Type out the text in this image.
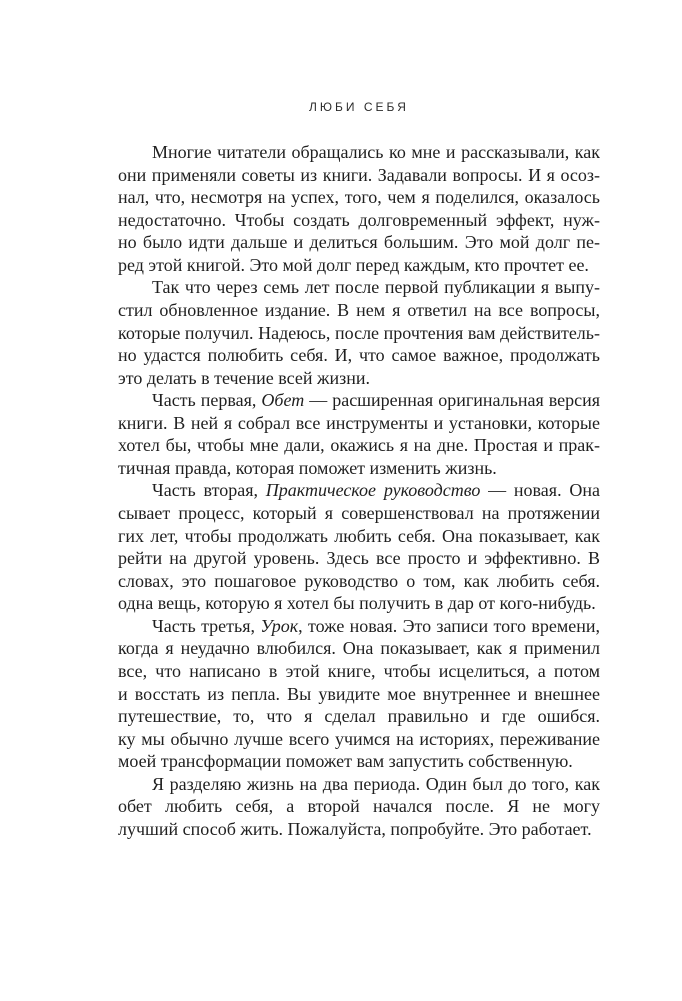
ЛЮБИ СЕБЯ
Многие читатели обращались ко мне и рассказывали, как
они применяли советы из книги. Задавали вопросы. И я осоз-
нал, что, несмотря на успех, того, чем я поделился, оказалось
недостаточно. Чтобы создать долговременный эффект, нуж-
но было идти дальше и делиться большим. Это мой долг пе-
ред этой книгой. Это мой долг перед каждым, кто прочтет ее.
Так что через семь лет после первой публикации я выпу-
стил обновленное издание. В нем я ответил на все вопросы,
которые получил. Надеюсь, после прочтения вам действитель-
но удастся полюбить себя. И, что самое важное, продолжать
это делать в течение всей жизни.
Часть первая, Обет — расширенная оригинальная версия
книги. В ней я собрал все инструменты и установки, которые
хотел бы, чтобы мне дали, окажись я на дне. Простая и прак-
тичная правда, которая поможет изменить жизнь.
Часть вторая, Практическое руководство — новая. Она
сывает процесс, который я совершенствовал на протяжении
гих лет, чтобы продолжать любить себя. Она показывает, как
рейти на другой уровень. Здесь все просто и эффективно. В
словах, это пошаговое руководство о том, как любить себя.
одна вещь, которую я хотел бы получить в дар от кого-нибудь.
Часть третья, Урок, тоже новая. Это записи того времени,
когда я неудачно влюбился. Она показывает, как я применил
все, что написано в этой книге, чтобы исцелиться, а потом
и восстать из пепла. Вы увидите мое внутреннее и внешнее
путешествие, то, что я сделал правильно и где ошибся.
ку мы обычно лучше всего учимся на историях, переживание
моей трансформации поможет вам запустить собственную.
Я разделяю жизнь на два периода. Один был до того, как
обет любить себя, а второй начался после. Я не могу
лучший способ жить. Пожалуйста, попробуйте. Это работает.
